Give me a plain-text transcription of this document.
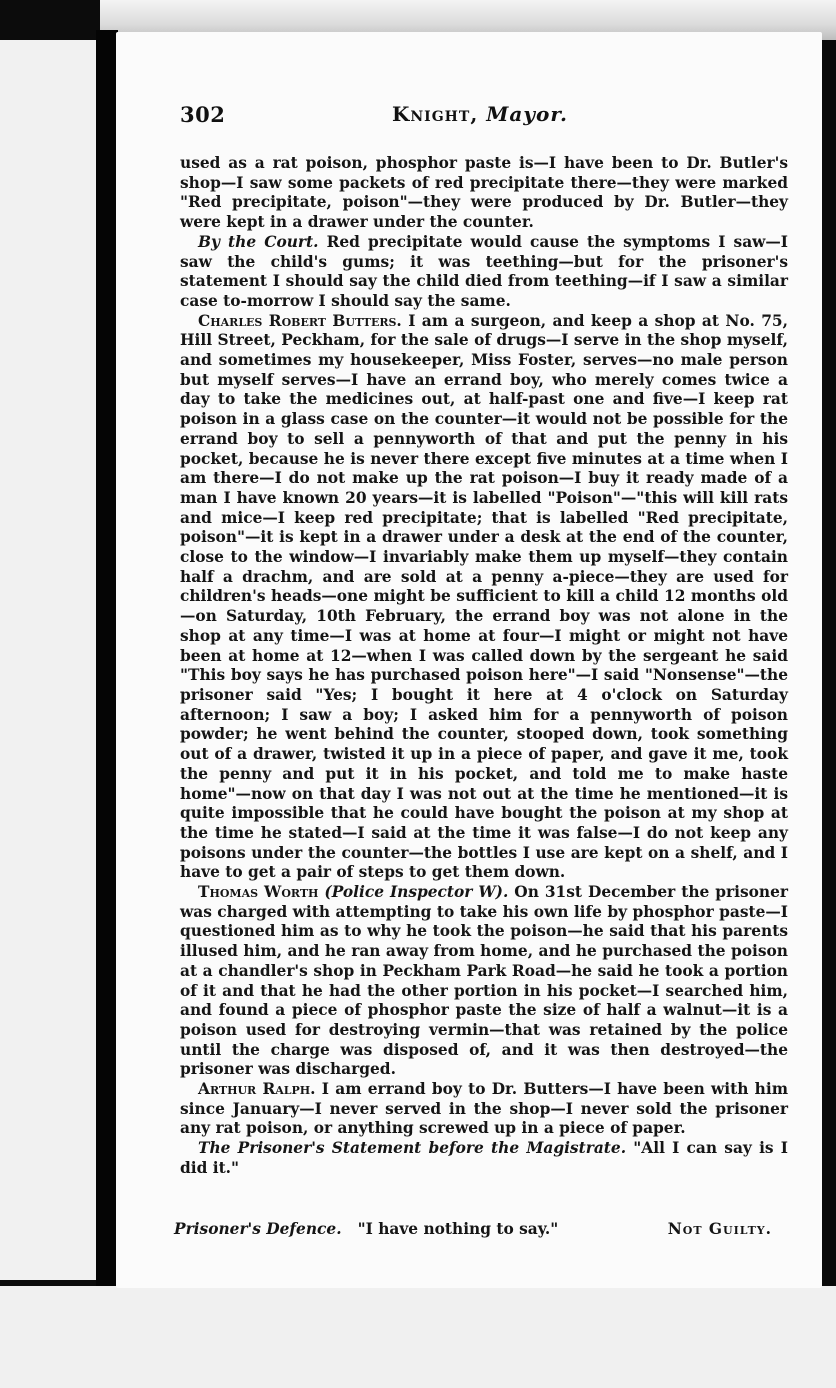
302	Knight, Mayor.

used as a rat poison, phosphor paste is—I have been to Dr. Butler's shop—I saw some packets of red precipitate there—they were marked "Red precipitate, poison"—they were produced by Dr. Butler—they were kept in a drawer under the counter.

By the Court. Red precipitate would cause the symptoms I saw—I saw the child's gums; it was teething—but for the prisoner's statement I should say the child died from teething—if I saw a similar case to-morrow I should say the same.

Charles Robert Butters. I am a surgeon, and keep a shop at No. 75, Hill Street, Peckham, for the sale of drugs—I serve in the shop myself, and sometimes my housekeeper, Miss Foster, serves—no male person but myself serves—I have an errand boy, who merely comes twice a day to take the medicines out, at half-past one and five—I keep rat poison in a glass case on the counter—it would not be possible for the errand boy to sell a pennyworth of that and put the penny in his pocket, because he is never there except five minutes at a time when I am there—I do not make up the rat poison—I buy it ready made of a man I have known 20 years—it is labelled "Poison"—"this will kill rats and mice—I keep red precipitate; that is labelled "Red precipitate, poison"—it is kept in a drawer under a desk at the end of the counter, close to the window—I invariably make them up myself—they contain half a drachm, and are sold at a penny a-piece—they are used for children's heads—one might be sufficient to kill a child 12 months old—on Saturday, 10th February, the errand boy was not alone in the shop at any time—I was at home at four—I might or might not have been at home at 12—when I was called down by the sergeant he said "This boy says he has purchased poison here"—I said "Nonsense"—the prisoner said "Yes; I bought it here at 4 o'clock on Saturday afternoon; I saw a boy; I asked him for a pennyworth of poison powder; he went behind the counter, stooped down, took something out of a drawer, twisted it up in a piece of paper, and gave it me, took the penny and put it in his pocket, and told me to make haste home"—now on that day I was not out at the time he mentioned—it is quite impossible that he could have bought the poison at my shop at the time he stated—I said at the time it was false—I do not keep any poisons under the counter—the bottles I use are kept on a shelf, and I have to get a pair of steps to get them down.

Thomas Worth (Police Inspector W). On 31st December the prisoner was charged with attempting to take his own life by phosphor paste—I questioned him as to why he took the poison—he said that his parents illused him, and he ran away from home, and he purchased the poison at a chandler's shop in Peckham Park Road—he said he took a portion of it and that he had the other portion in his pocket—I searched him, and found a piece of phosphor paste the size of half a walnut—it is a poison used for destroying vermin—that was retained by the police until the charge was disposed of, and it was then destroyed—the prisoner was discharged.

Arthur Ralph. I am errand boy to Dr. Butters—I have been with him since January—I never served in the shop—I never sold the prisoner any rat poison, or anything screwed up in a piece of paper.

The Prisoner's Statement before the Magistrate. "All I can say is I did it."

Prisoner's Defence. "I have nothing to say."	Not Guilty.
